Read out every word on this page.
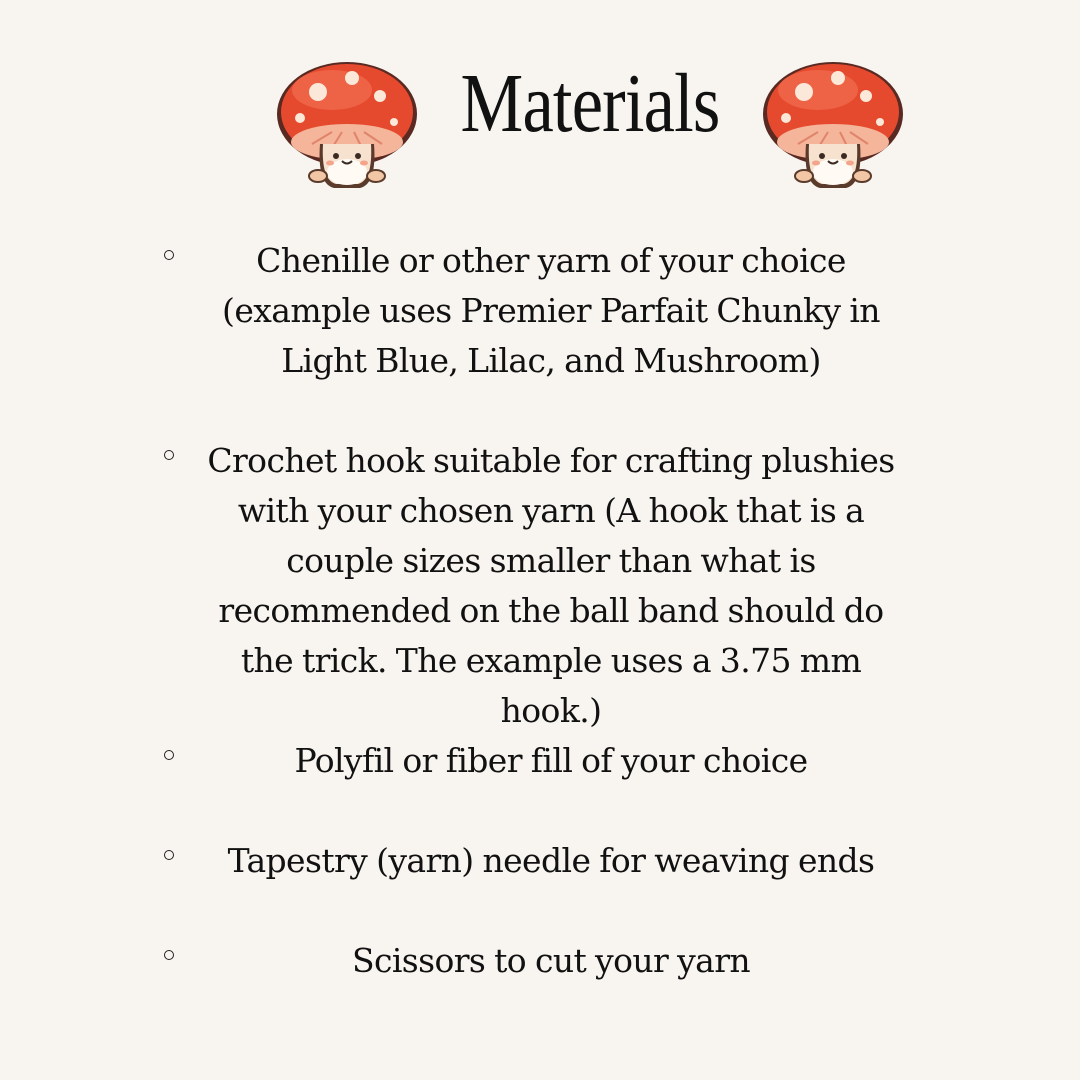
Materials
Chenille or other yarn of your choice (example uses Premier Parfait Chunky in Light Blue, Lilac, and Mushroom)
Crochet hook suitable for crafting plushies with your chosen yarn (A hook that is a couple sizes smaller than what is recommended on the ball band should do the trick. The example uses a 3.75 mm hook.)
Polyfil or fiber fill of your choice
Tapestry (yarn) needle for weaving ends
Scissors to cut your yarn
